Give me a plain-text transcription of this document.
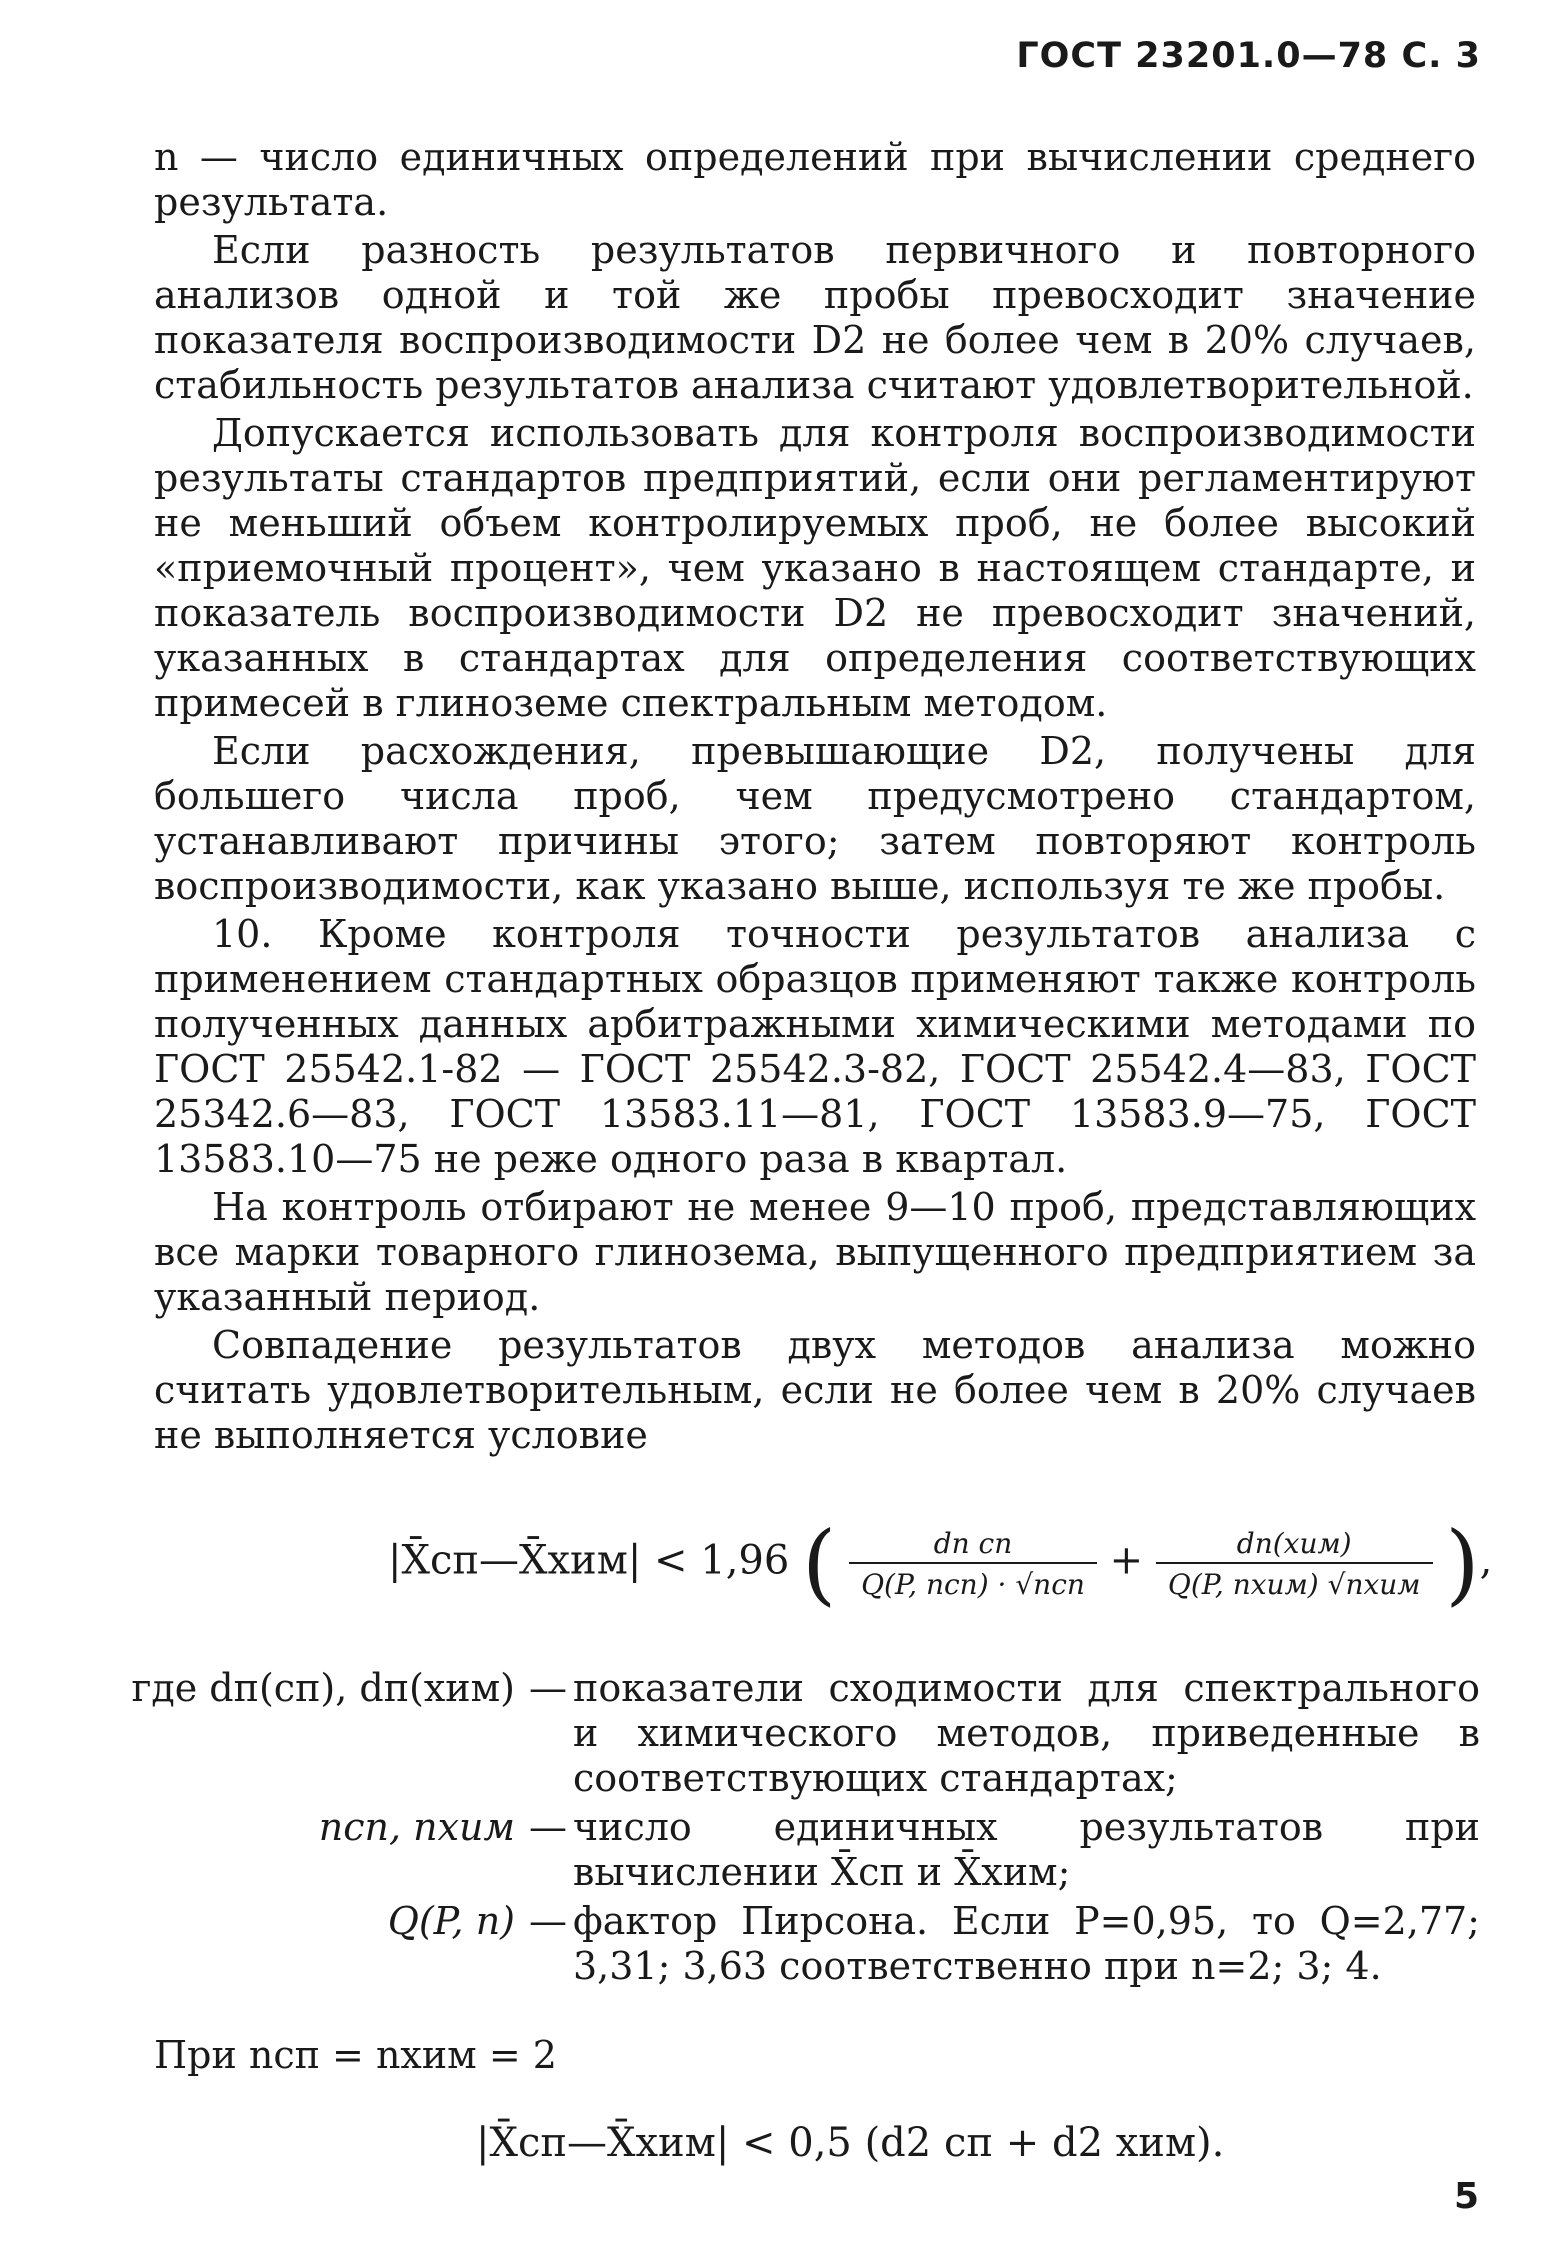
ГОСТ 23201.0—78 С. 3

n — число единичных определений при вычислении среднего результата.

Если разность результатов первичного и повторного анализов одной и той же пробы превосходит значение показателя воспроизводимости D2 не более чем в 20% случаев, стабильность результатов анализа считают удовлетворительной.

Допускается использовать для контроля воспроизводимости результаты стандартов предприятий, если они регламентируют не меньший объем контролируемых проб, не более высокий «приемочный процент», чем указано в настоящем стандарте, и показатель воспроизводимости D2 не превосходит значений, указанных в стандартах для определения соответствующих примесей в глиноземе спектральным методом.

Если расхождения, превышающие D2, получены для большего числа проб, чем предусмотрено стандартом, устанавливают причины этого; затем повторяют контроль воспроизводимости, как указано выше, используя те же пробы.

10. Кроме контроля точности результатов анализа с применением стандартных образцов применяют также контроль полученных данных арбитражными химическими методами по ГОСТ 25542.1-82 — ГОСТ 25542.3-82, ГОСТ 25542.4—83, ГОСТ 25342.6—83, ГОСТ 13583.11—81, ГОСТ 13583.9—75, ГОСТ 13583.10—75 не реже одного раза в квартал.

На контроль отбирают не менее 9—10 проб, представляющих все марки товарного глинозема, выпущенного предприятием за указанный период.

Совпадение результатов двух методов анализа можно считать удовлетворительным, если не более чем в 20% случаев не выполняется условие

|X̄сп—X̄хим| < 1,96 ( $\frac{\text{dп сп}}{\text{Q(P, nсп) · √nсп}} + \frac{\text{dп(хим)}}{\text{Q(P, nхим) √nхим}}$ ),
где dп(сп), dп(хим) — показатели сходимости для спектрального и химического методов, приведенные в соответствующих стандартах;
nсп, nхим — число единичных результатов при вычислении X̄сп и X̄хим;
Q(P, n) — фактор Пирсона. Если P=0,95, то Q=2,77; 3,31; 3,63 соответственно при n=2; 3; 4.
При nсп = nхим = 2
|X̄сп—X̄хим| < 0,5 (d2 сп + d2 хим).
5
